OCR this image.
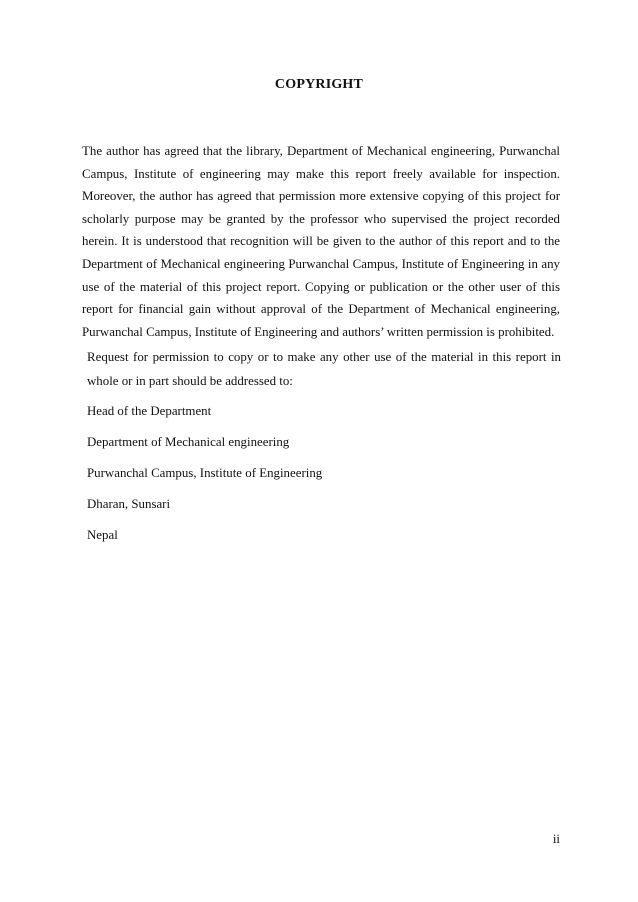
COPYRIGHT

The author has agreed that the library, Department of Mechanical engineering, Purwanchal Campus, Institute of engineering may make this report freely available for inspection. Moreover, the author has agreed that permission more extensive copying of this project for scholarly purpose may be granted by the professor who supervised the project recorded herein. It is understood that recognition will be given to the author of this report and to the Department of Mechanical engineering Purwanchal Campus, Institute of Engineering in any use of the material of this project report. Copying or publication or the other user of this report for financial gain without approval of the Department of Mechanical engineering, Purwanchal Campus, Institute of Engineering and authors’ written permission is prohibited.

Request for permission to copy or to make any other use of the material in this report in whole or in part should be addressed to:

Head of the Department

Department of Mechanical engineering

Purwanchal Campus, Institute of Engineering

Dharan, Sunsari

Nepal

ii
